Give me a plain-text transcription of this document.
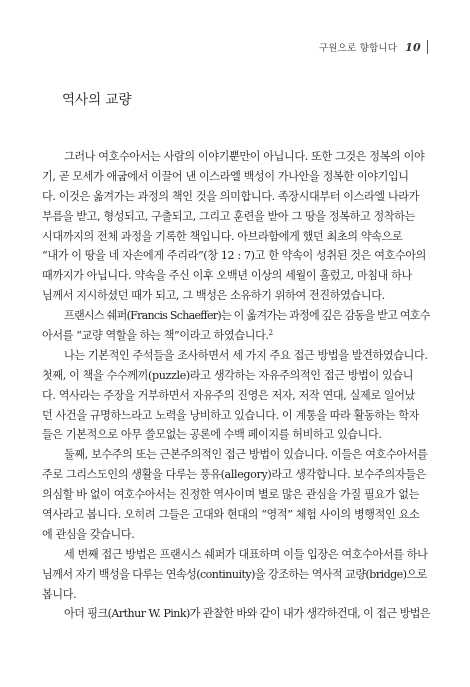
구원으로 향합니다 10
역사의 교량
그러나 여호수아서는 사람의 이야기뿐만이 아닙니다. 또한 그것은 정복의 이야
기, 곧 모세가 애굽에서 이끌어 낸 이스라엘 백성이 가나안을 정복한 이야기입니
다. 이것은 옮겨가는 과정의 책인 것을 의미합니다. 족장시대부터 이스라엘 나라가
부름을 받고, 형성되고, 구출되고, 그리고 훈련을 받아 그 땅을 정복하고 정착하는
시대까지의 전체 과정을 기록한 책입니다. 아브라함에게 했던 최초의 약속으로
“내가 이 땅을 네 자손에게 주리라”(창 12 : 7)고 한 약속이 성취된 것은 여호수아의
때까지가 아닙니다. 약속을 주신 이후 오백년 이상의 세월이 흘렀고, 마침내 하나
님께서 지시하셨던 때가 되고, 그 백성은 소유하기 위하여 전진하였습니다.
프랜시스 쉐퍼(Francis Schaeffer)는 이 옮겨가는 과정에 깊은 감동을 받고 여호수
아서를 “교량 역할을 하는 책”이라고 하였습니다.$^2$
나는 기본적인 주석들을 조사하면서 세 가지 주요 접근 방법을 발견하였습니다.
첫째, 이 책을 수수께끼(puzzle)라고 생각하는 자유주의적인 접근 방법이 있습니
다. 역사라는 주장을 거부하면서 자유주의 진영은 저자, 저작 연대, 실제로 일어났
던 사건을 규명하느라고 노력을 낭비하고 있습니다. 이 계통을 따라 활동하는 학자
들은 기본적으로 아무 쓸모없는 공론에 수백 페이지를 허비하고 있습니다.
둘째, 보수주의 또는 근본주의적인 접근 방법이 있습니다. 이들은 여호수아서를
주로 그리스도인의 생활을 다루는 풍유(allegory)라고 생각합니다. 보수주의자들은
의심할 바 없이 여호수아서는 진정한 역사이며 별로 많은 관심을 가질 필요가 없는
역사라고 봅니다. 오히려 그들은 고대와 현대의 “영적” 체험 사이의 병행적인 요소
에 관심을 갖습니다.
세 번째 접근 방법은 프랜시스 쉐퍼가 대표하며 이들 입장은 여호수아서를 하나
님께서 자기 백성을 다루는 연속성(continuity)을 강조하는 역사적 교량(bridge)으로
봅니다.
아더 핑크(Arthur W. Pink)가 관찰한 바와 같이 내가 생각하건대, 이 접근 방법은
